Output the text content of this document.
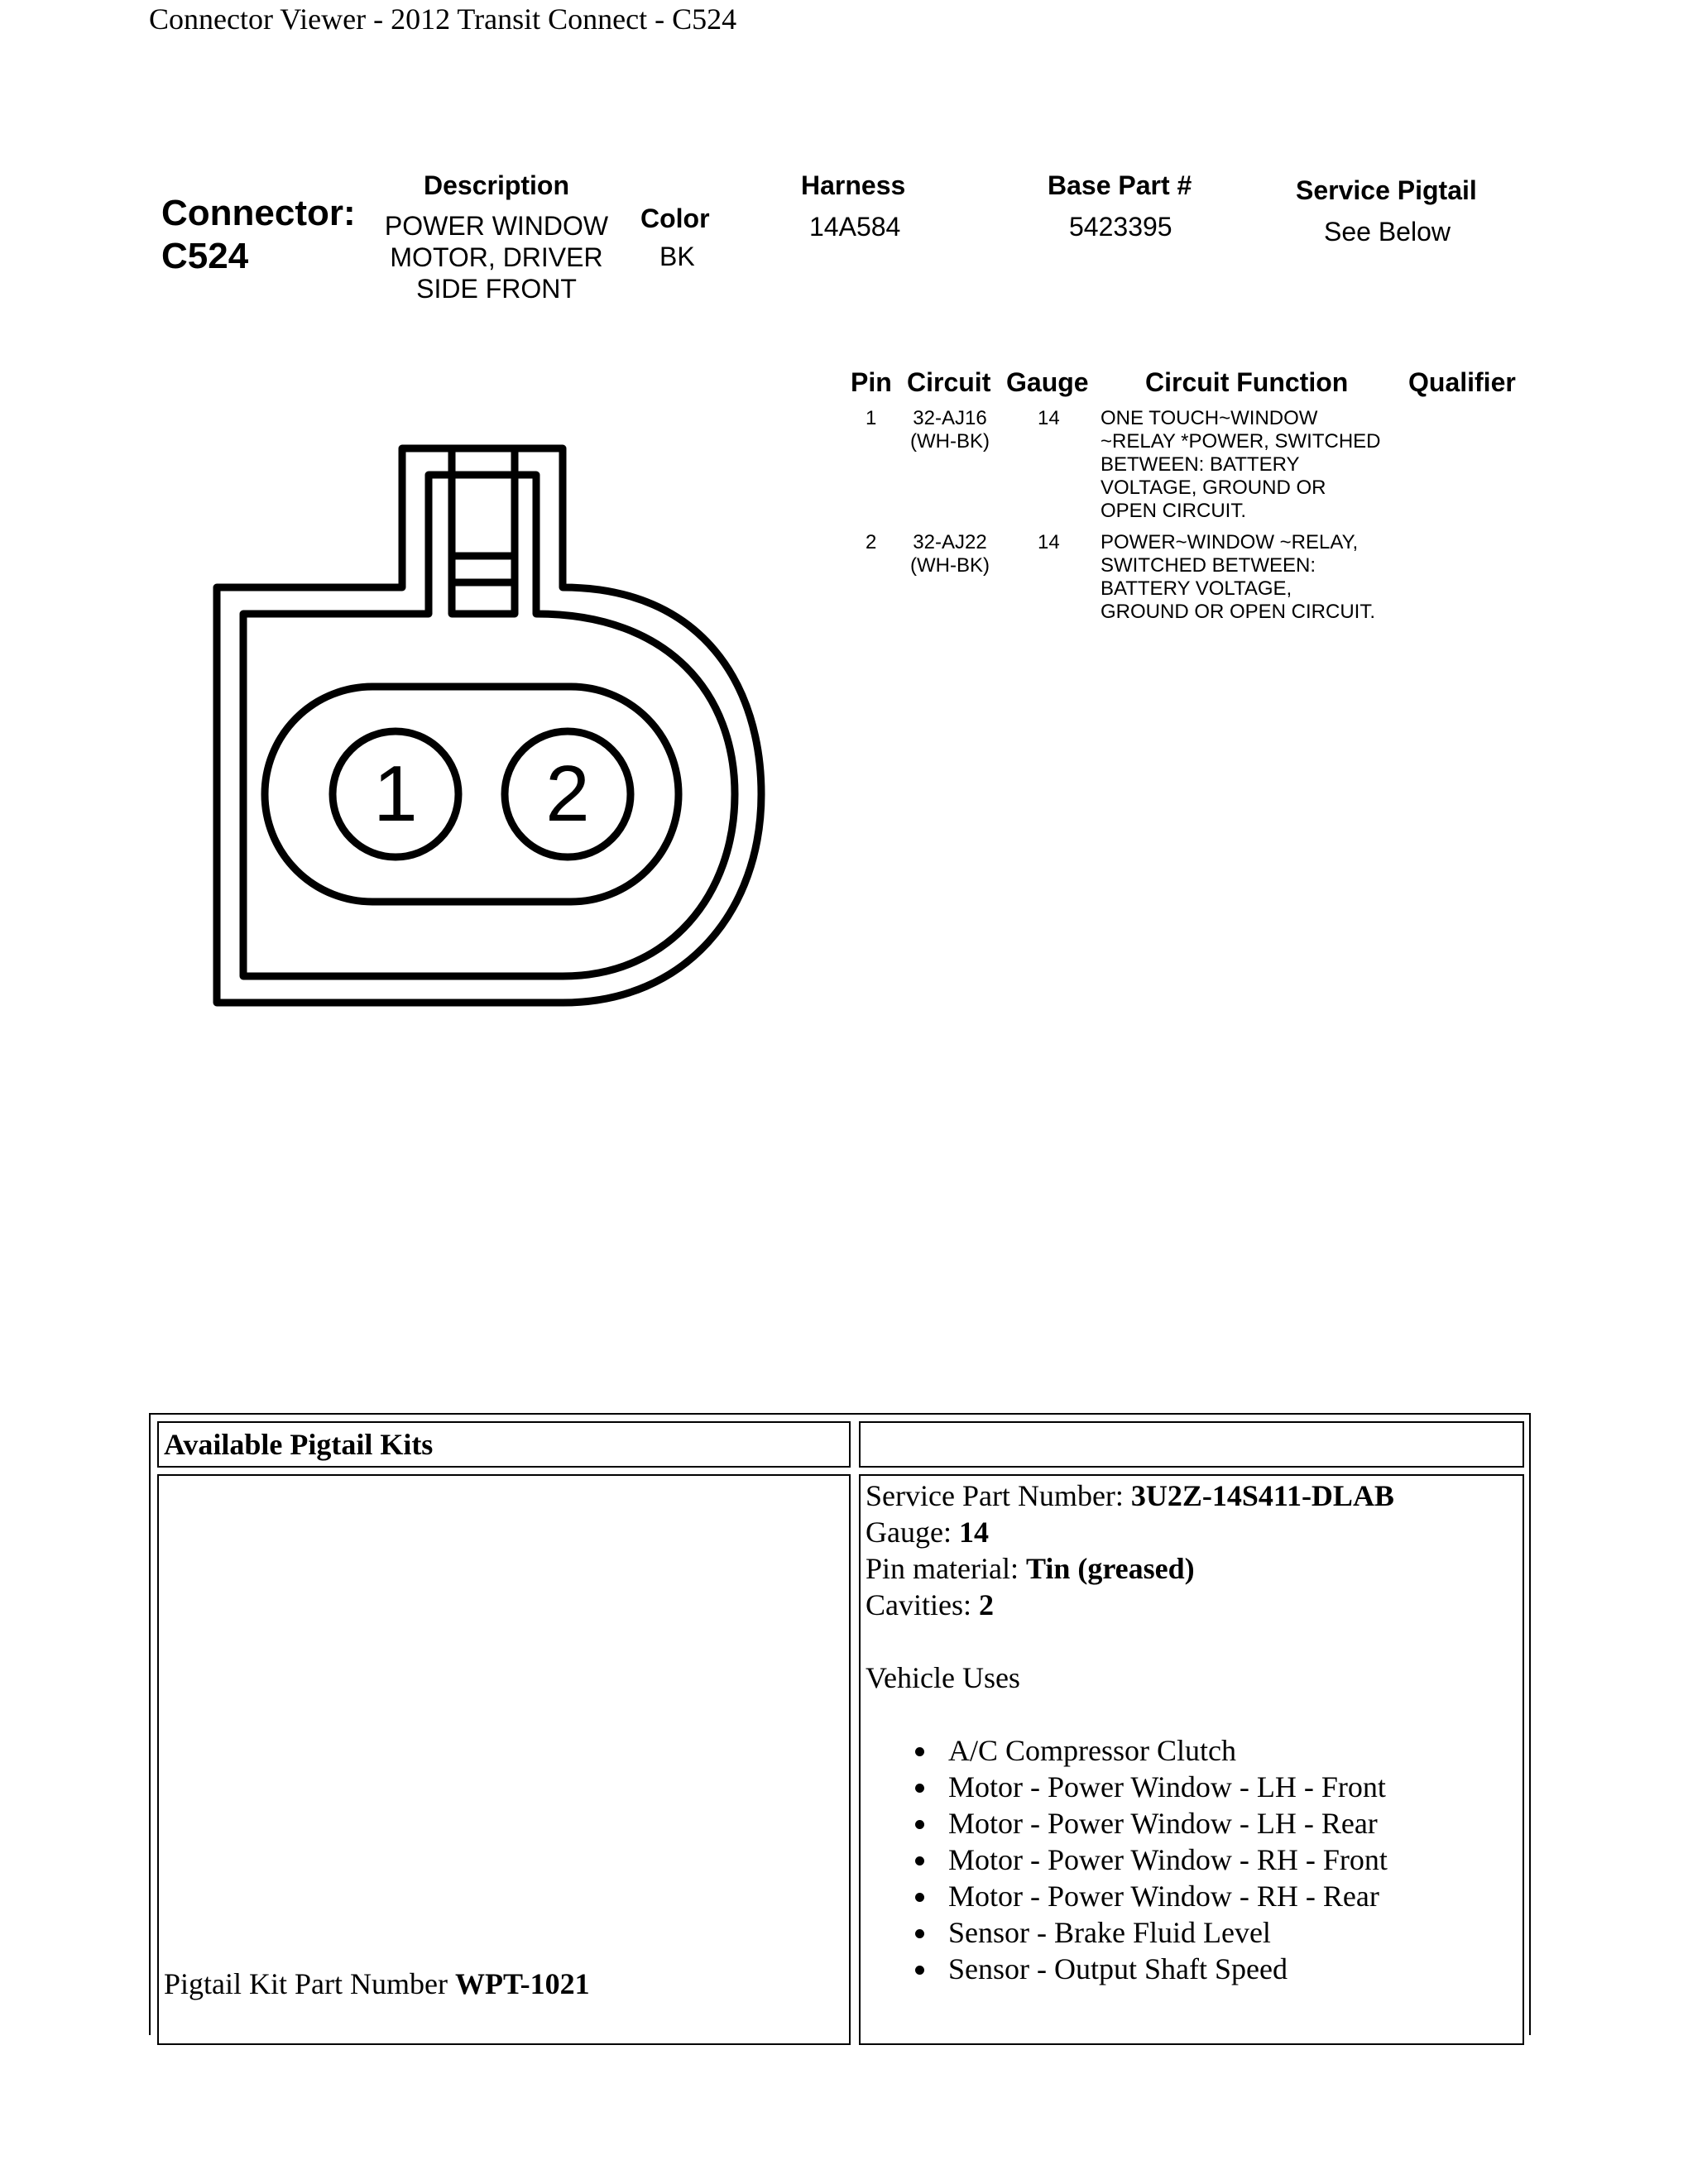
Connector Viewer - 2012 Transit Connect - C524
Connector:
C524
Description
POWER WINDOW
MOTOR, DRIVER
SIDE FRONT
Color
BK
Harness
14A584
Base Part #
5423395
Service Pigtail
See Below
Pin Circuit Gauge Circuit Function Qualifier
1 32-AJ16
(WH-BK)
14 ONE TOUCH~WINDOW
~RELAY *POWER, SWITCHED
BETWEEN: BATTERY
VOLTAGE, GROUND OR
OPEN CIRCUIT.
2 32-AJ22
(WH-BK)
14 POWER~WINDOW ~RELAY,
SWITCHED BETWEEN:
BATTERY VOLTAGE,
GROUND OR OPEN CIRCUIT.
1 2
Available Pigtail Kits
Pigtail Kit Part Number WPT-1021
Service Part Number: 3U2Z-14S411-DLAB
Gauge: 14
Pin material: Tin (greased)
Cavities: 2
Vehicle Uses
A/C Compressor Clutch
Motor - Power Window - LH - Front
Motor - Power Window - LH - Rear
Motor - Power Window - RH - Front
Motor - Power Window - RH - Rear
Sensor - Brake Fluid Level
Sensor - Output Shaft Speed
